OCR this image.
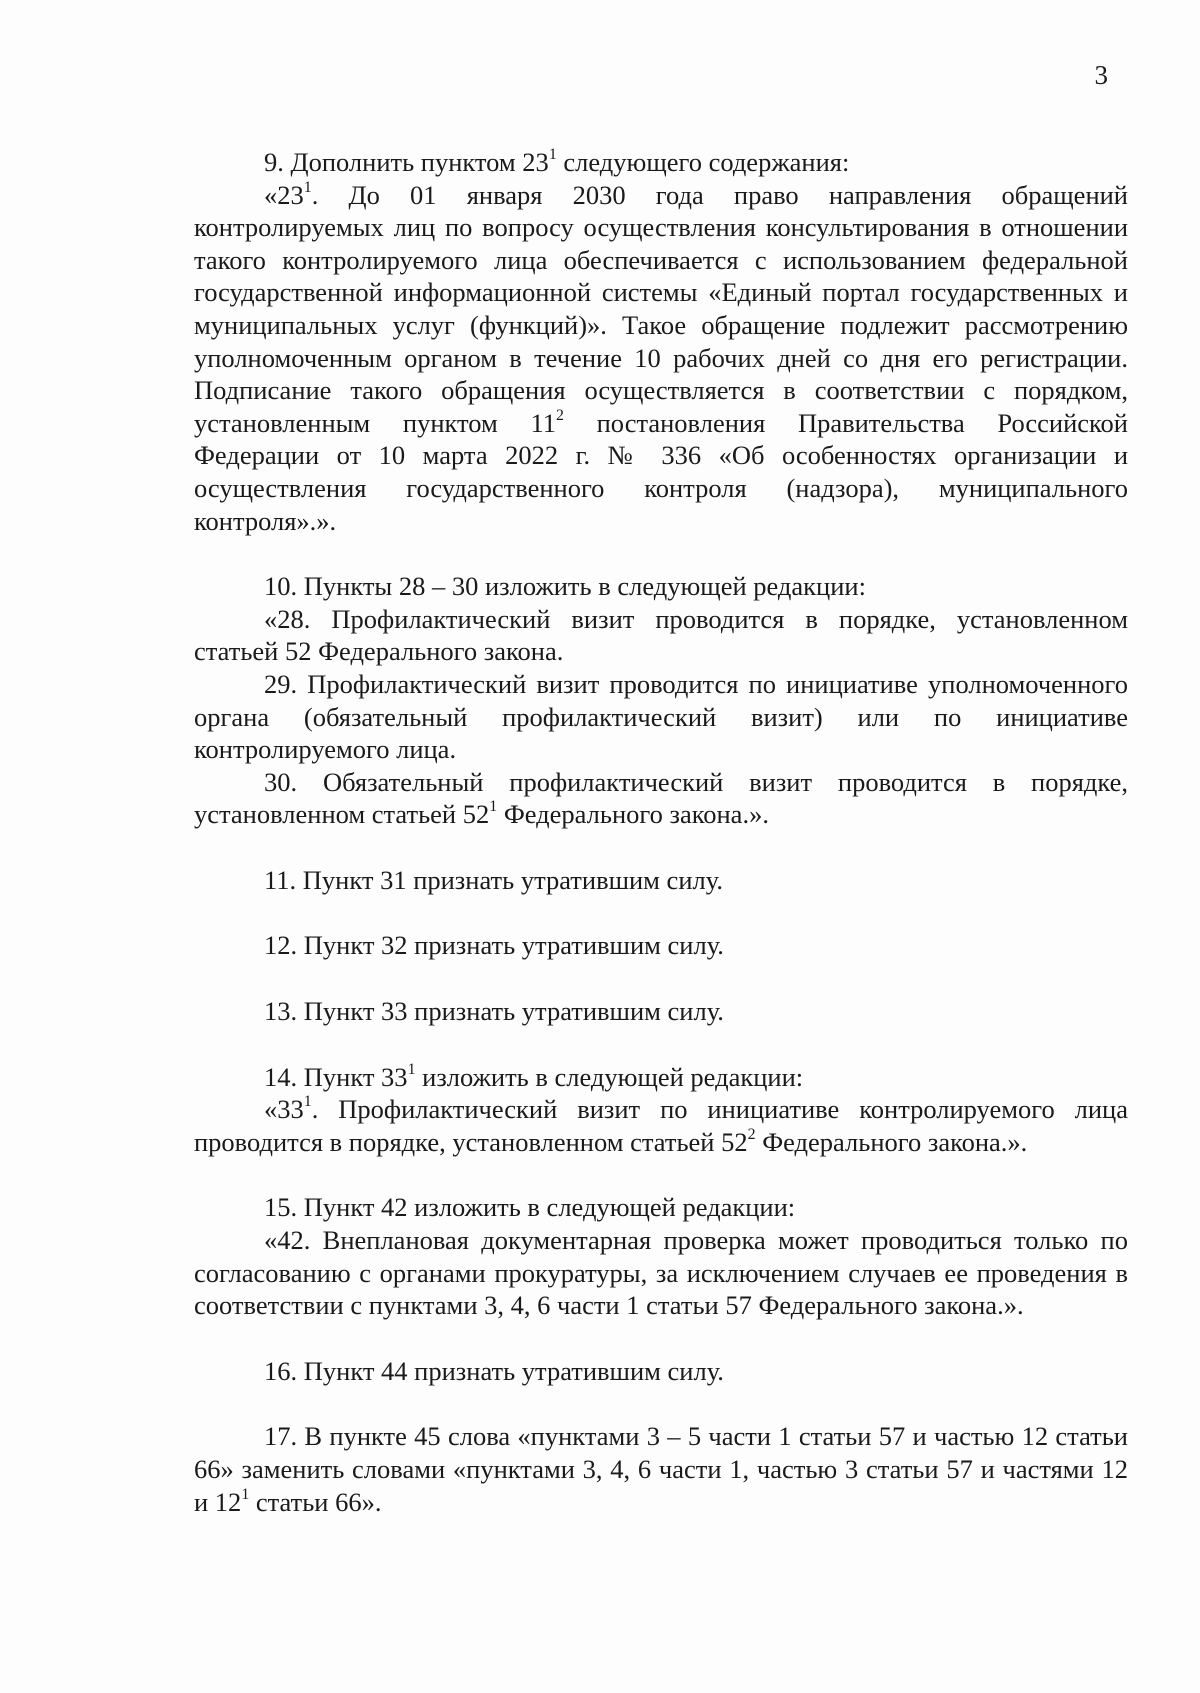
3

9. Дополнить пунктом $23^1$ следующего содержания:

«$23^1$. До 01 января 2030 года право направления обращений контролируемых лиц по вопросу осуществления консультирования в отношении такого контролируемого лица обеспечивается с использованием федеральной государственной информационной системы «Единый портал государственных и муниципальных услуг (функций)». Такое обращение подлежит рассмотрению уполномоченным органом в течение 10 рабочих дней со дня его регистрации. Подписание такого обращения осуществляется в соответствии с порядком, установленным пунктом $11^2$ постановления Правительства Российской Федерации от 10 марта 2022 г. № 336 «Об особенностях организации и осуществления государственного контроля (надзора), муниципального контроля».».

10. Пункты 28 – 30 изложить в следующей редакции:

«28. Профилактический визит проводится в порядке, установленном статьей 52 Федерального закона.

29. Профилактический визит проводится по инициативе уполномоченного органа (обязательный профилактический визит) или по инициативе контролируемого лица.

30. Обязательный профилактический визит проводится в порядке, установленном статьей $52^1$ Федерального закона.».

11. Пункт 31 признать утратившим силу.

12. Пункт 32 признать утратившим силу.

13. Пункт 33 признать утратившим силу.

14. Пункт $33^1$ изложить в следующей редакции:

«$33^1$. Профилактический визит по инициативе контролируемого лица проводится в порядке, установленном статьей $52^2$ Федерального закона.».

15. Пункт 42 изложить в следующей редакции:

«42. Внеплановая документарная проверка может проводиться только по согласованию с органами прокуратуры, за исключением случаев ее проведения в соответствии с пунктами 3, 4, 6 части 1 статьи 57 Федерального закона.».

16. Пункт 44 признать утратившим силу.

17. В пункте 45 слова «пунктами 3 – 5 части 1 статьи 57 и частью 12 статьи 66» заменить словами «пунктами 3, 4, 6 части 1, частью 3 статьи 57 и частями 12 и $12^1$ статьи 66».
